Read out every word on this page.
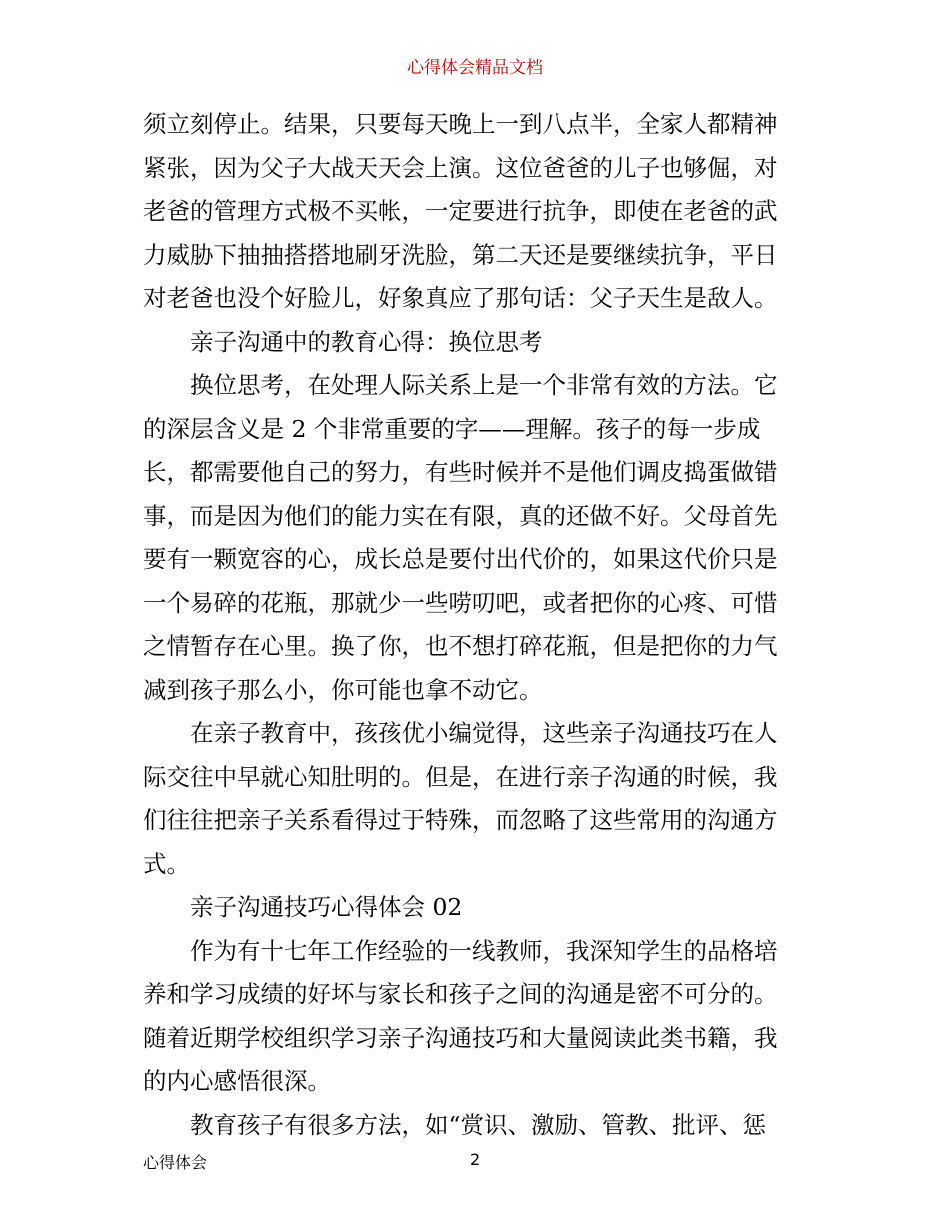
心得体会精品文档
须立刻停止。结果，只要每天晚上一到八点半，全家人都精神
紧张，因为父子大战天天会上演。这位爸爸的儿子也够倔，对
老爸的管理方式极不买帐，一定要进行抗争，即使在老爸的武
力威胁下抽抽搭搭地刷牙洗脸，第二天还是要继续抗争，平日
对老爸也没个好脸儿，好象真应了那句话：父子天生是敌人。
亲子沟通中的教育心得：换位思考
换位思考，在处理人际关系上是一个非常有效的方法。它
的深层含义是 2 个非常重要的字——理解。孩子的每一步成
长，都需要他自己的努力，有些时候并不是他们调皮捣蛋做错
事，而是因为他们的能力实在有限，真的还做不好。父母首先
要有一颗宽容的心，成长总是要付出代价的，如果这代价只是
一个易碎的花瓶，那就少一些唠叨吧，或者把你的心疼、可惜
之情暂存在心里。换了你，也不想打碎花瓶，但是把你的力气
减到孩子那么小，你可能也拿不动它。
在亲子教育中，孩孩优小编觉得，这些亲子沟通技巧在人
际交往中早就心知肚明的。但是，在进行亲子沟通的时候，我
们往往把亲子关系看得过于特殊，而忽略了这些常用的沟通方
式。
亲子沟通技巧心得体会 02
作为有十七年工作经验的一线教师，我深知学生的品格培
养和学习成绩的好坏与家长和孩子之间的沟通是密不可分的。
随着近期学校组织学习亲子沟通技巧和大量阅读此类书籍，我
的内心感悟很深。
教育孩子有很多方法，如“赏识、激励、管教、批评、惩
心得体会	2
